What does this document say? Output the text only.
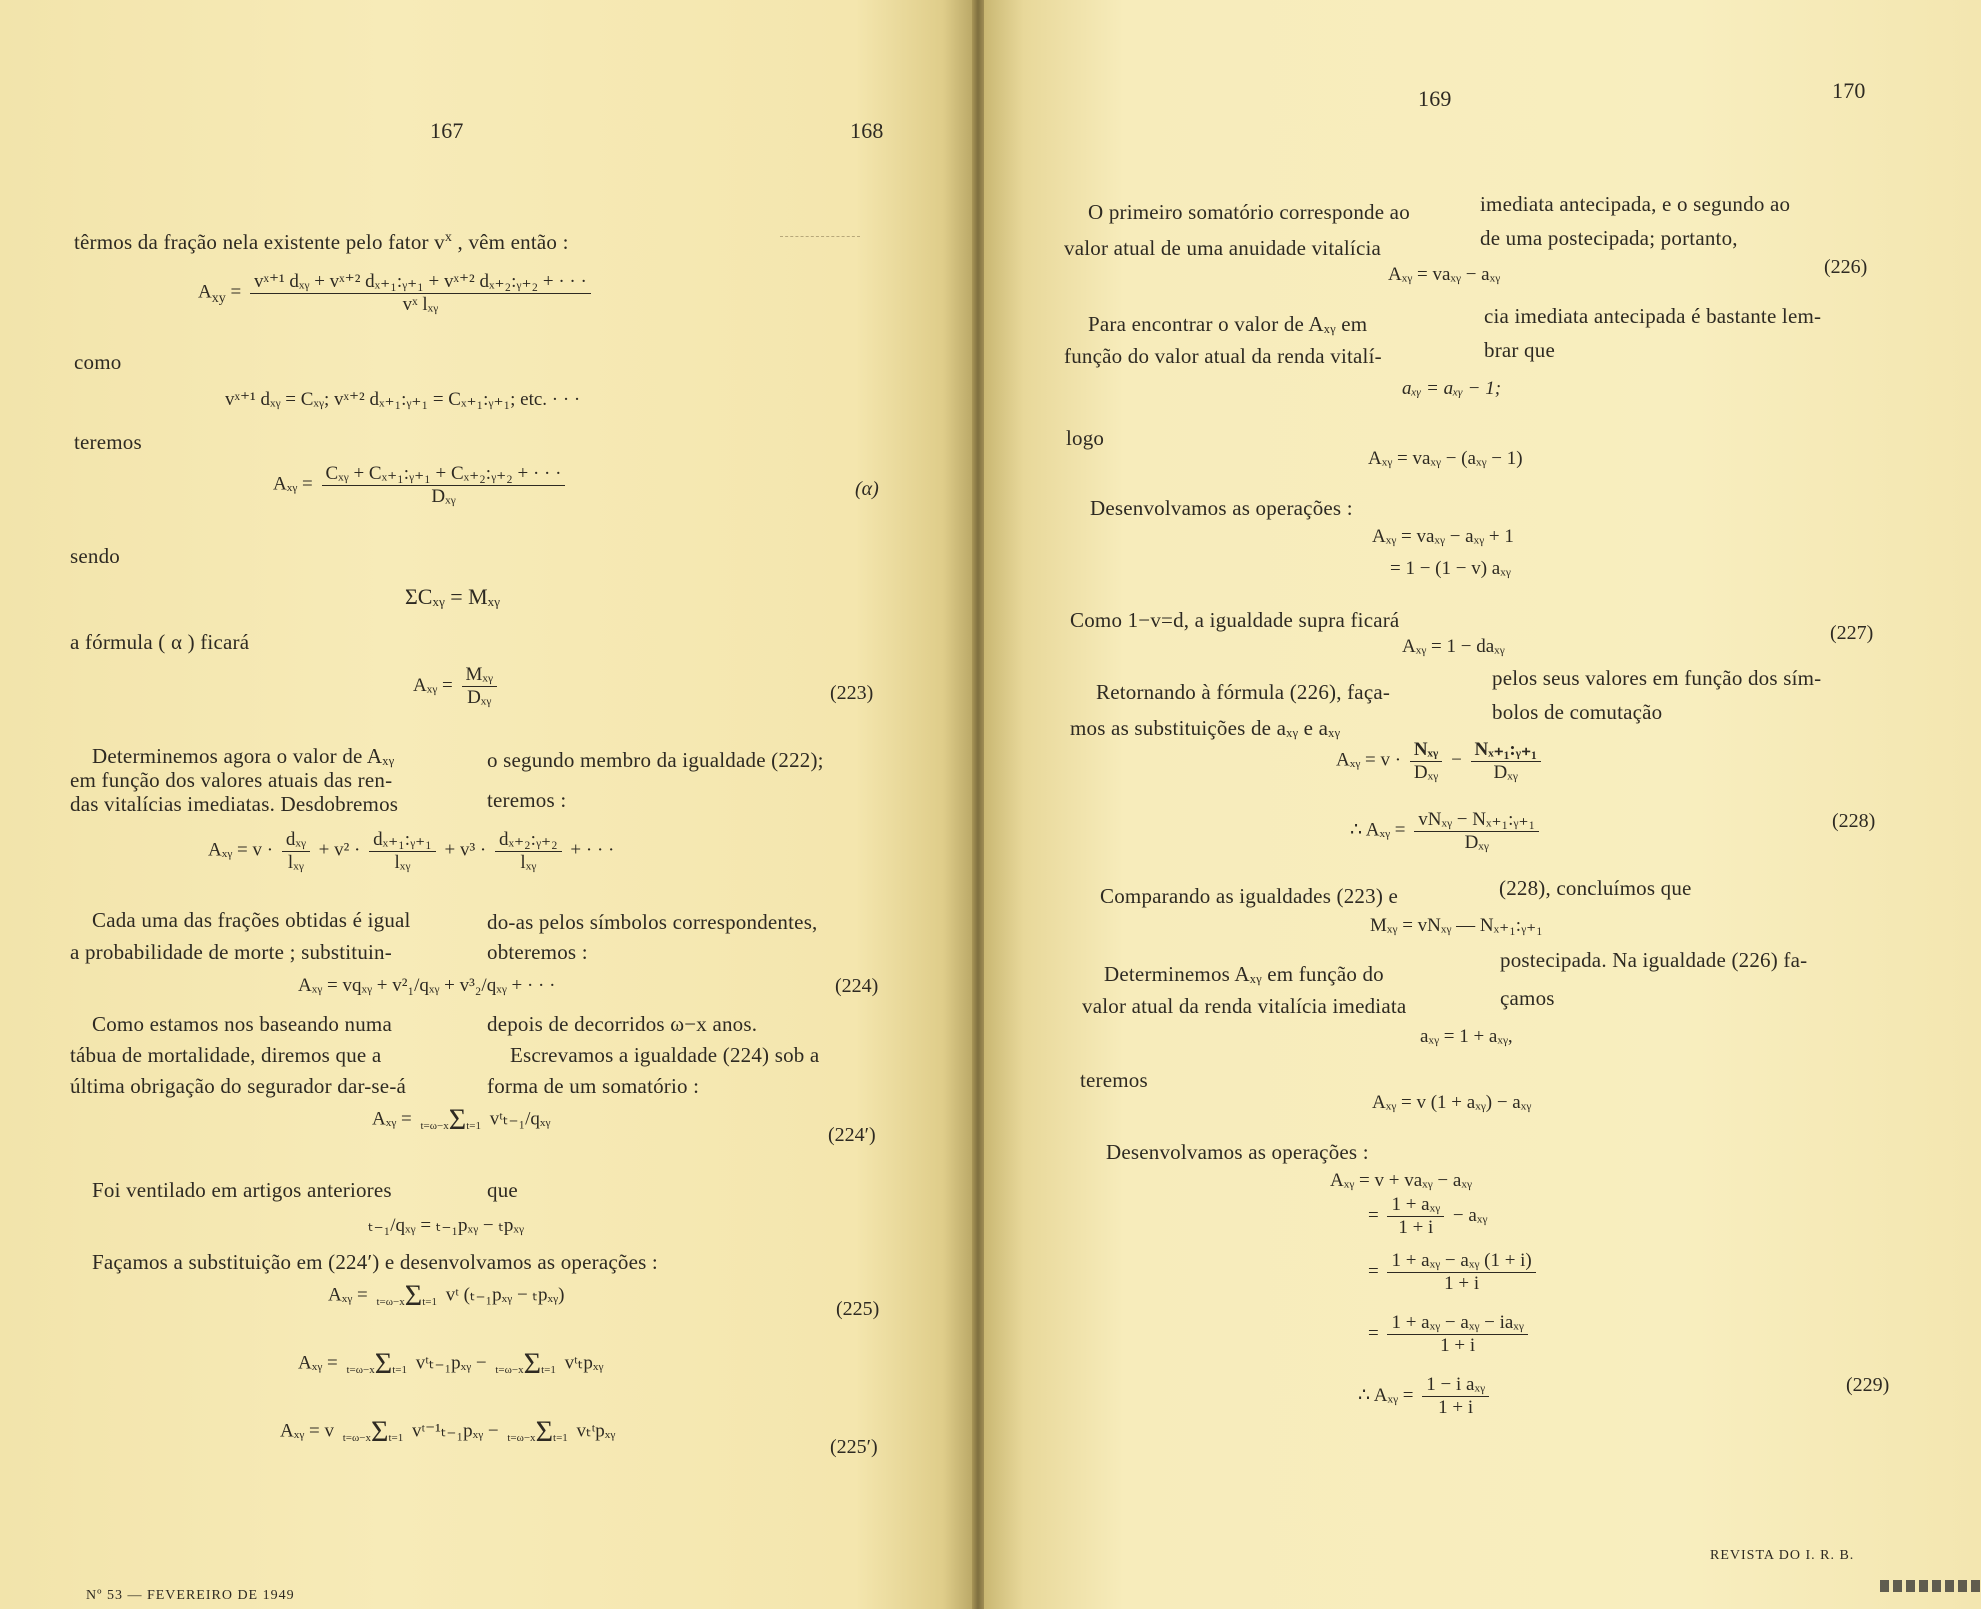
167	168
têrmos da fração nela existente pelo fator $v^x$ , vêm então :
$A_{xy} = \frac{\text{vˣ⁺¹ dₓᵧ + vˣ⁺² dₓ₊₁:ᵧ₊₁ + vˣ⁺² dₓ₊₂:ᵧ₊₂ + · · ·}}{\text{vˣ lₓᵧ}}$
como
vˣ⁺¹ dₓᵧ = Cₓᵧ; vˣ⁺² dₓ₊₁:ᵧ₊₁ = Cₓ₊₁:ᵧ₊₁; etc. · · ·
teremos
Aₓᵧ = $\frac{\text{Cₓᵧ + Cₓ₊₁:ᵧ₊₁ + Cₓ₊₂:ᵧ₊₂ + · · ·}}{\text{Dₓᵧ}}$	(α)
sendo
ΣCₓᵧ = Mₓᵧ
a fórmula ( α ) ficará
Aₓᵧ = $\frac{\text{Mₓᵧ}}{\text{Dₓᵧ}}$	(223)
Determinemos agora o valor de Aₓᵧ
em função dos valores atuais das ren-
das vitalícias imediatas. Desdobremos
o segundo membro da igualdade (222);
teremos :
Aₓᵧ = $v \cdot \frac{\text{dₓᵧ}}{\text{lₓᵧ}} + v^2 \cdot \frac{\text{dₓ₊₁:ᵧ₊₁}}{\text{lₓᵧ}} + v^3 \cdot \frac{\text{dₓ₊₂:ᵧ₊₂}}{\text{lₓᵧ}}$ + · · ·
Cada uma das frações obtidas é igual
a probabilidade de morte ; substituin-
do-as pelos símbolos correspondentes,
obteremos :
Aₓᵧ = vqₓᵧ + v²₁/qₓᵧ + v³₂/qₓᵧ + · · ·	(224)
Como estamos nos baseando numa
tábua de mortalidade, diremos que a
última obrigação do segurador dar-se-á
depois de decorridos ω−x anos.
Escrevamos a igualdade (224) sob a
forma de um somatório :
Aₓᵧ = t=ω−xΣt=1 vᵗₜ₋₁/qₓᵧ
(224′)
Foi ventilado em artigos anteriores	que
ₜ₋₁/qₓᵧ = ₜ₋₁pₓᵧ − ₜpₓᵧ
Façamos a substituição em (224′) e desenvolvamos as operações :
Aₓᵧ = t=ω−xΣt=1 vᵗ (ₜ₋₁pₓᵧ − ₜpₓᵧ)
(225)
Aₓᵧ = t=ω−xΣt=1 vᵗₜ₋₁pₓᵧ − t=ω−xΣt=1 vᵗₜpₓᵧ
Aₓᵧ = v t=ω−xΣt=1 vᵗ⁻¹ₜ₋₁pₓᵧ − t=ω−xΣt=1 vₜᵗpₓᵧ
(225′)
Nº 53 — FEVEREIRO DE 1949
169	170
O primeiro somatório corresponde ao
valor atual de uma anuidade vitalícia
imediata antecipada, e o segundo ao
de uma postecipada; portanto,
Aₓᵧ = vaₓᵧ − aₓᵧ	(226)
Para encontrar o valor de Aₓᵧ em
função do valor atual da renda vitalí-
cia imediata antecipada é bastante lem-
brar que
aₓᵧ = aₓᵧ − 1;
logo
Aₓᵧ = vaₓᵧ − (aₓᵧ − 1)
Desenvolvamos as operações :
Aₓᵧ = vaₓᵧ − aₓᵧ + 1
= 1 − (1 − v) aₓᵧ
Como 1−v=d, a igualdade supra ficará
Aₓᵧ = 1 − daₓᵧ
(227)
Retornando à fórmula (226), faça-
mos as substituições de aₓᵧ e aₓᵧ
pelos seus valores em função dos sím-
bolos de comutação
Aₓᵧ = $v \cdot \frac{\text{Nₓᵧ}}{\text{Dₓᵧ}} - \frac{\text{Nₓ₊₁:ᵧ₊₁}}{\text{Dₓᵧ}}$
∴ Aₓᵧ = $\frac{\text{vNₓᵧ − Nₓ₊₁:ᵧ₊₁}}{\text{Dₓᵧ}}$	(228)
Comparando as igualdades (223) e	(228), concluímos que
Mₓᵧ = vNₓᵧ — Nₓ₊₁:ᵧ₊₁
Determinemos Aₓᵧ em função do
valor atual da renda vitalícia imediata
postecipada. Na igualdade (226) fa-
çamos
aₓᵧ = 1 + aₓᵧ,
teremos
Aₓᵧ = v (1 + aₓᵧ) − aₓᵧ
Desenvolvamos as operações :
Aₓᵧ = v + vaₓᵧ − aₓᵧ
= $\frac{\text{1 + aₓᵧ}}{1 + i}$ − aₓᵧ
= $\frac{\text{1 + aₓᵧ − aₓᵧ (1 + i)}}{1 + i}$
= $\frac{\text{1 + aₓᵧ − aₓᵧ − iaₓᵧ}}{1 + i}$
∴ Aₓᵧ = $\frac{\text{1 − i aₓᵧ}}{1 + i}$	(229)
REVISTA DO I. R. B.
